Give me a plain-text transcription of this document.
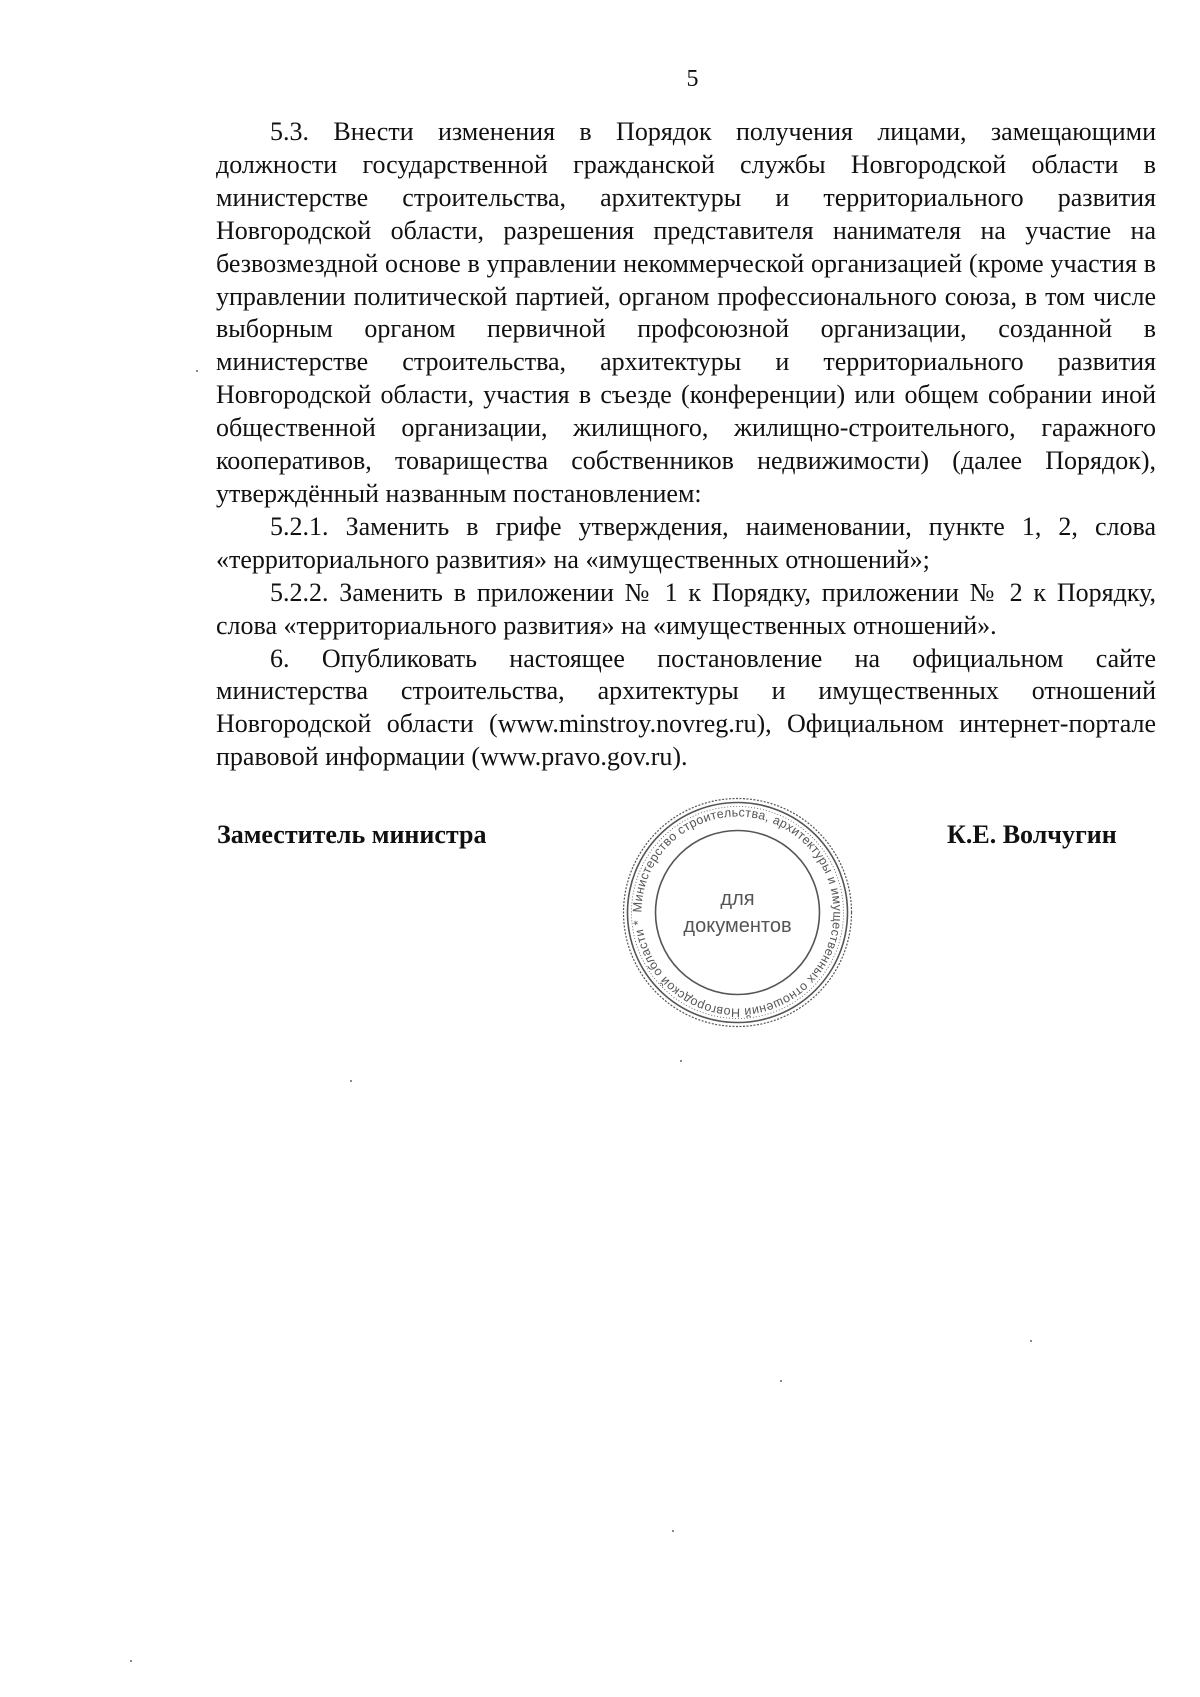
5

5.3. Внести изменения в Порядок получения лицами, замещающими должности государственной гражданской службы Новгородской области в министерстве строительства, архитектуры и территориального развития Новгородской области, разрешения представителя нанимателя на участие на безвозмездной основе в управлении некоммерческой организацией (кроме участия в управлении политической партией, органом профессионального союза, в том числе выборным органом первичной профсоюзной организации, созданной в министерстве строительства, архитектуры и территориального развития Новгородской области, участия в съезде (конференции) или общем собрании иной общественной организации, жилищного, жилищно-строительного, гаражного кооперативов, товарищества собственников недвижимости) (далее Порядок), утверждённый названным постановлением:

5.2.1. Заменить в грифе утверждения, наименовании, пункте 1, 2, слова «территориального развития» на «имущественных отношений»;

5.2.2. Заменить в приложении № 1 к Порядку, приложении № 2 к Порядку, слова «территориального развития» на «имущественных отношений».

6. Опубликовать настоящее постановление на официальном сайте министерства строительства, архитектуры и имущественных отношений Новгородской области (www.minstroy.novreg.ru), Официальном интернет-портале правовой информации (www.pravo.gov.ru).

Заместитель министра	К.Е. Волчугин
Министерство строительства, архитектуры и имущественных отношений Новгородской области *
для
документов
